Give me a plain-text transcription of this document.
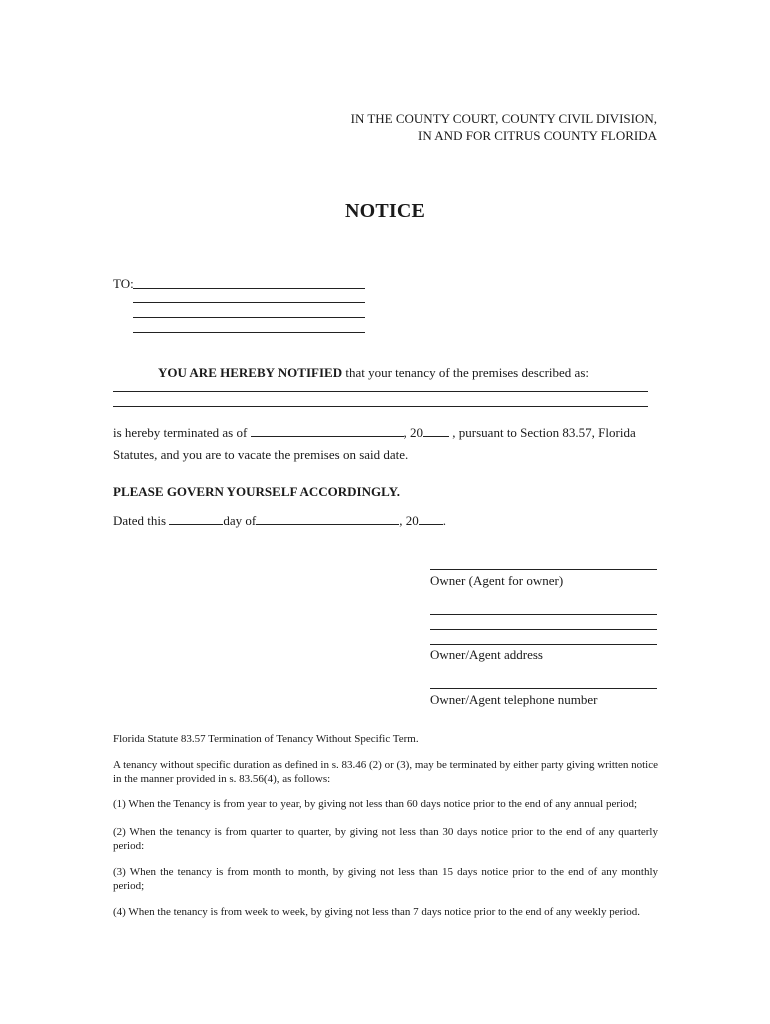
IN THE COUNTY COURT, COUNTY CIVIL DIVISION,
IN AND FOR CITRUS COUNTY FLORIDA
NOTICE
TO:
YOU ARE HEREBY NOTIFIED that your tenancy of the premises described as:
is hereby terminated as of	, 20 , pursuant to Section 83.57, Florida
Statutes, and you are to vacate the premises on said date.
PLEASE GOVERN YOURSELF ACCORDINGLY.
Dated this	day of	, 20 .
Owner (Agent for owner)
Owner/Agent address
Owner/Agent telephone number
Florida Statute 83.57 Termination of Tenancy Without Specific Term.
A tenancy without specific duration as defined in s. 83.46 (2) or (3), may be terminated by either party giving written notice in the manner provided in s. 83.56(4), as follows:
(1) When the Tenancy is from year to year, by giving not less than 60 days notice prior to the end of any annual period;
(2) When the tenancy is from quarter to quarter, by giving not less than 30 days notice prior to the end of any quarterly period:
(3) When the tenancy is from month to month, by giving not less than 15 days notice prior to the end of any monthly period;
(4) When the tenancy is from week to week, by giving not less than 7 days notice prior to the end of any weekly period.
